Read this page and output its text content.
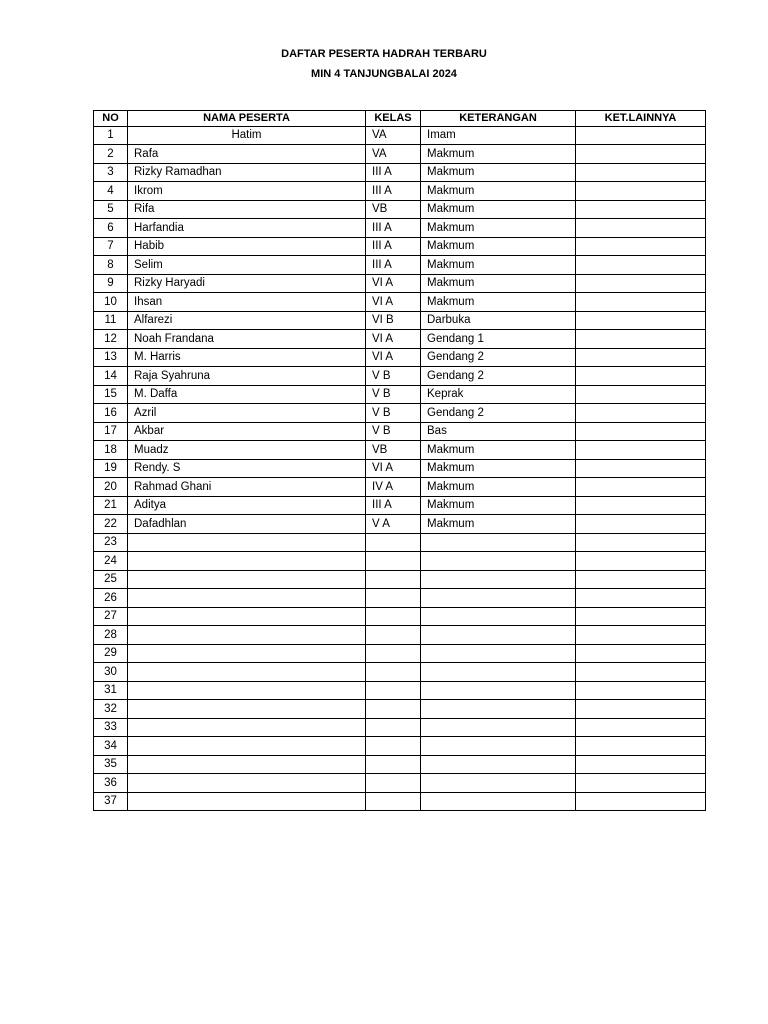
DAFTAR PESERTA HADRAH TERBARU
MIN 4 TANJUNGBALAI 2024
NO	NAMA PESERTA	KELAS	KETERANGAN	KET.LAINNYA
1	Hatim	VA	Imam	
2	Rafa	VA	Makmum	
3	Rizky Ramadhan	III A	Makmum	
4	Ikrom	III A	Makmum	
5	Rifa	VB	Makmum	
6	Harfandia	III A	Makmum	
7	Habib	III A	Makmum	
8	Selim	III A	Makmum	
9	Rizky Haryadi	VI A	Makmum	
10	Ihsan	VI A	Makmum	
11	Alfarezi	VI B	Darbuka	
12	Noah Frandana	VI A	Gendang 1	
13	M. Harris	VI A	Gendang 2	
14	Raja Syahruna	V B	Gendang 2	
15	M. Daffa	V B	Keprak	
16	Azril	V B	Gendang 2	
17	Akbar	V B	Bas	
18	Muadz	VB	Makmum	
19	Rendy. S	VI A	Makmum	
20	Rahmad Ghani	IV A	Makmum	
21	Aditya	III A	Makmum	
22	Dafadhlan	V A	Makmum	
23				
24				
25				
26				
27				
28				
29				
30				
31				
32				
33				
34				
35				
36				
37				
